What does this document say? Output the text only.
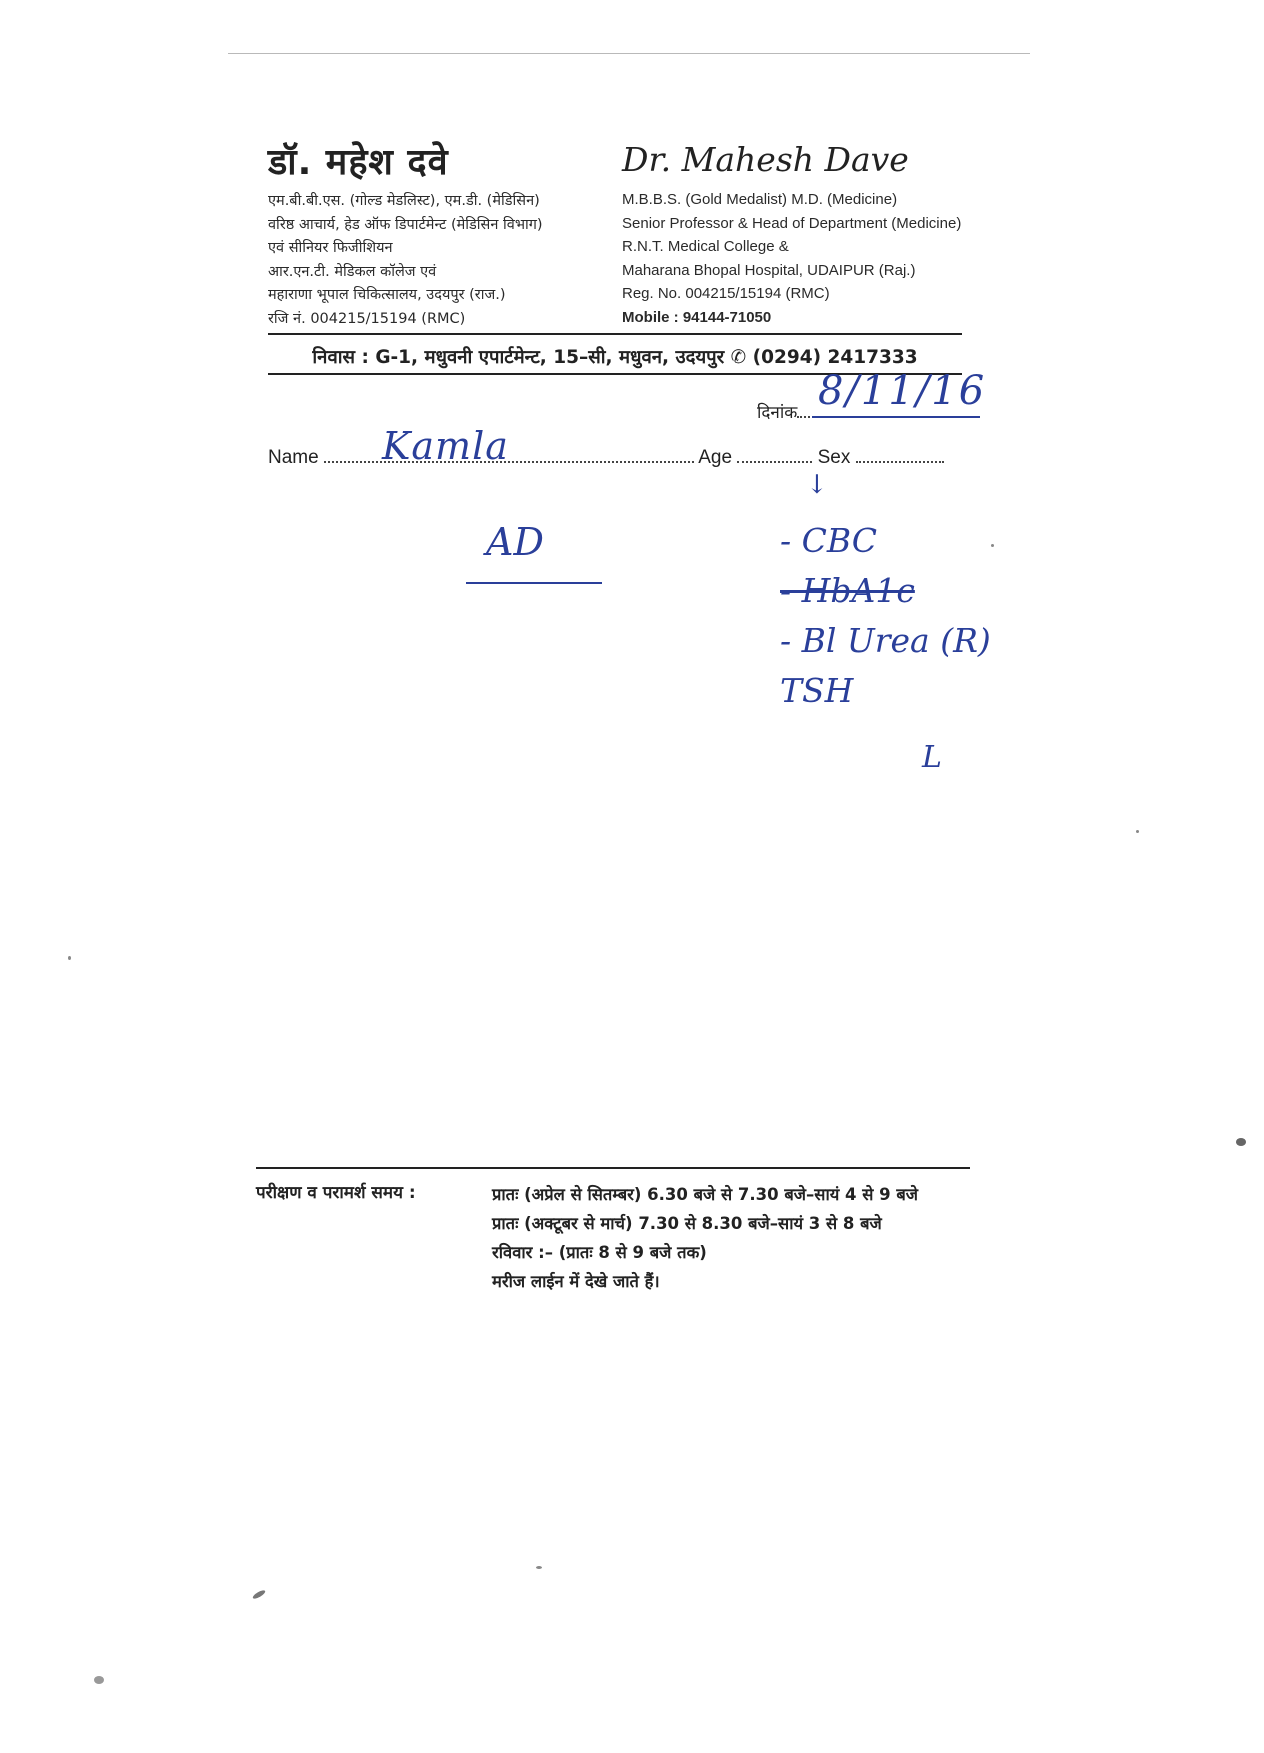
डॉ. महेश दवे
एम.बी.बी.एस. (गोल्ड मेडलिस्ट), एम.डी. (मेडिसिन)
वरिष्ठ आचार्य, हेड ऑफ डिपार्टमेन्ट (मेडिसिन विभाग)
एवं सीनियर फिजीशियन
आर.एन.टी. मेडिकल कॉलेज एवं
महाराणा भूपाल चिकित्सालय, उदयपुर (राज.)
रजि नं. 004215/15194 (RMC)
Dr. Mahesh Dave
M.B.B.S. (Gold Medalist) M.D. (Medicine)
Senior Professor & Head of Department (Medicine)
R.N.T. Medical College &
Maharana Bhopal Hospital, UDAIPUR (Raj.)
Reg. No. 004215/15194 (RMC)
Mobile : 94144-71050
निवास : G-1, मधुवनी एपार्टमेन्ट, 15–सी, मधुवन, उदयपुर ✆ (0294) 2417333
दिनांक
Name	Age	Sex
8/11/16
Kamla
AD
↓
- CBC
- HbA1c
- Bl Urea (R)
TSH
L
परीक्षण व परामर्श समय :	प्रातः (अप्रेल से सितम्बर) 6.30 बजे से 7.30 बजे–सायं 4 से 9 बजे
प्रातः (अक्टूबर से मार्च) 7.30 से 8.30 बजे–सायं 3 से 8 बजे
रविवार :– (प्रातः 8 से 9 बजे तक)
मरीज लाईन में देखे जाते हैं।
